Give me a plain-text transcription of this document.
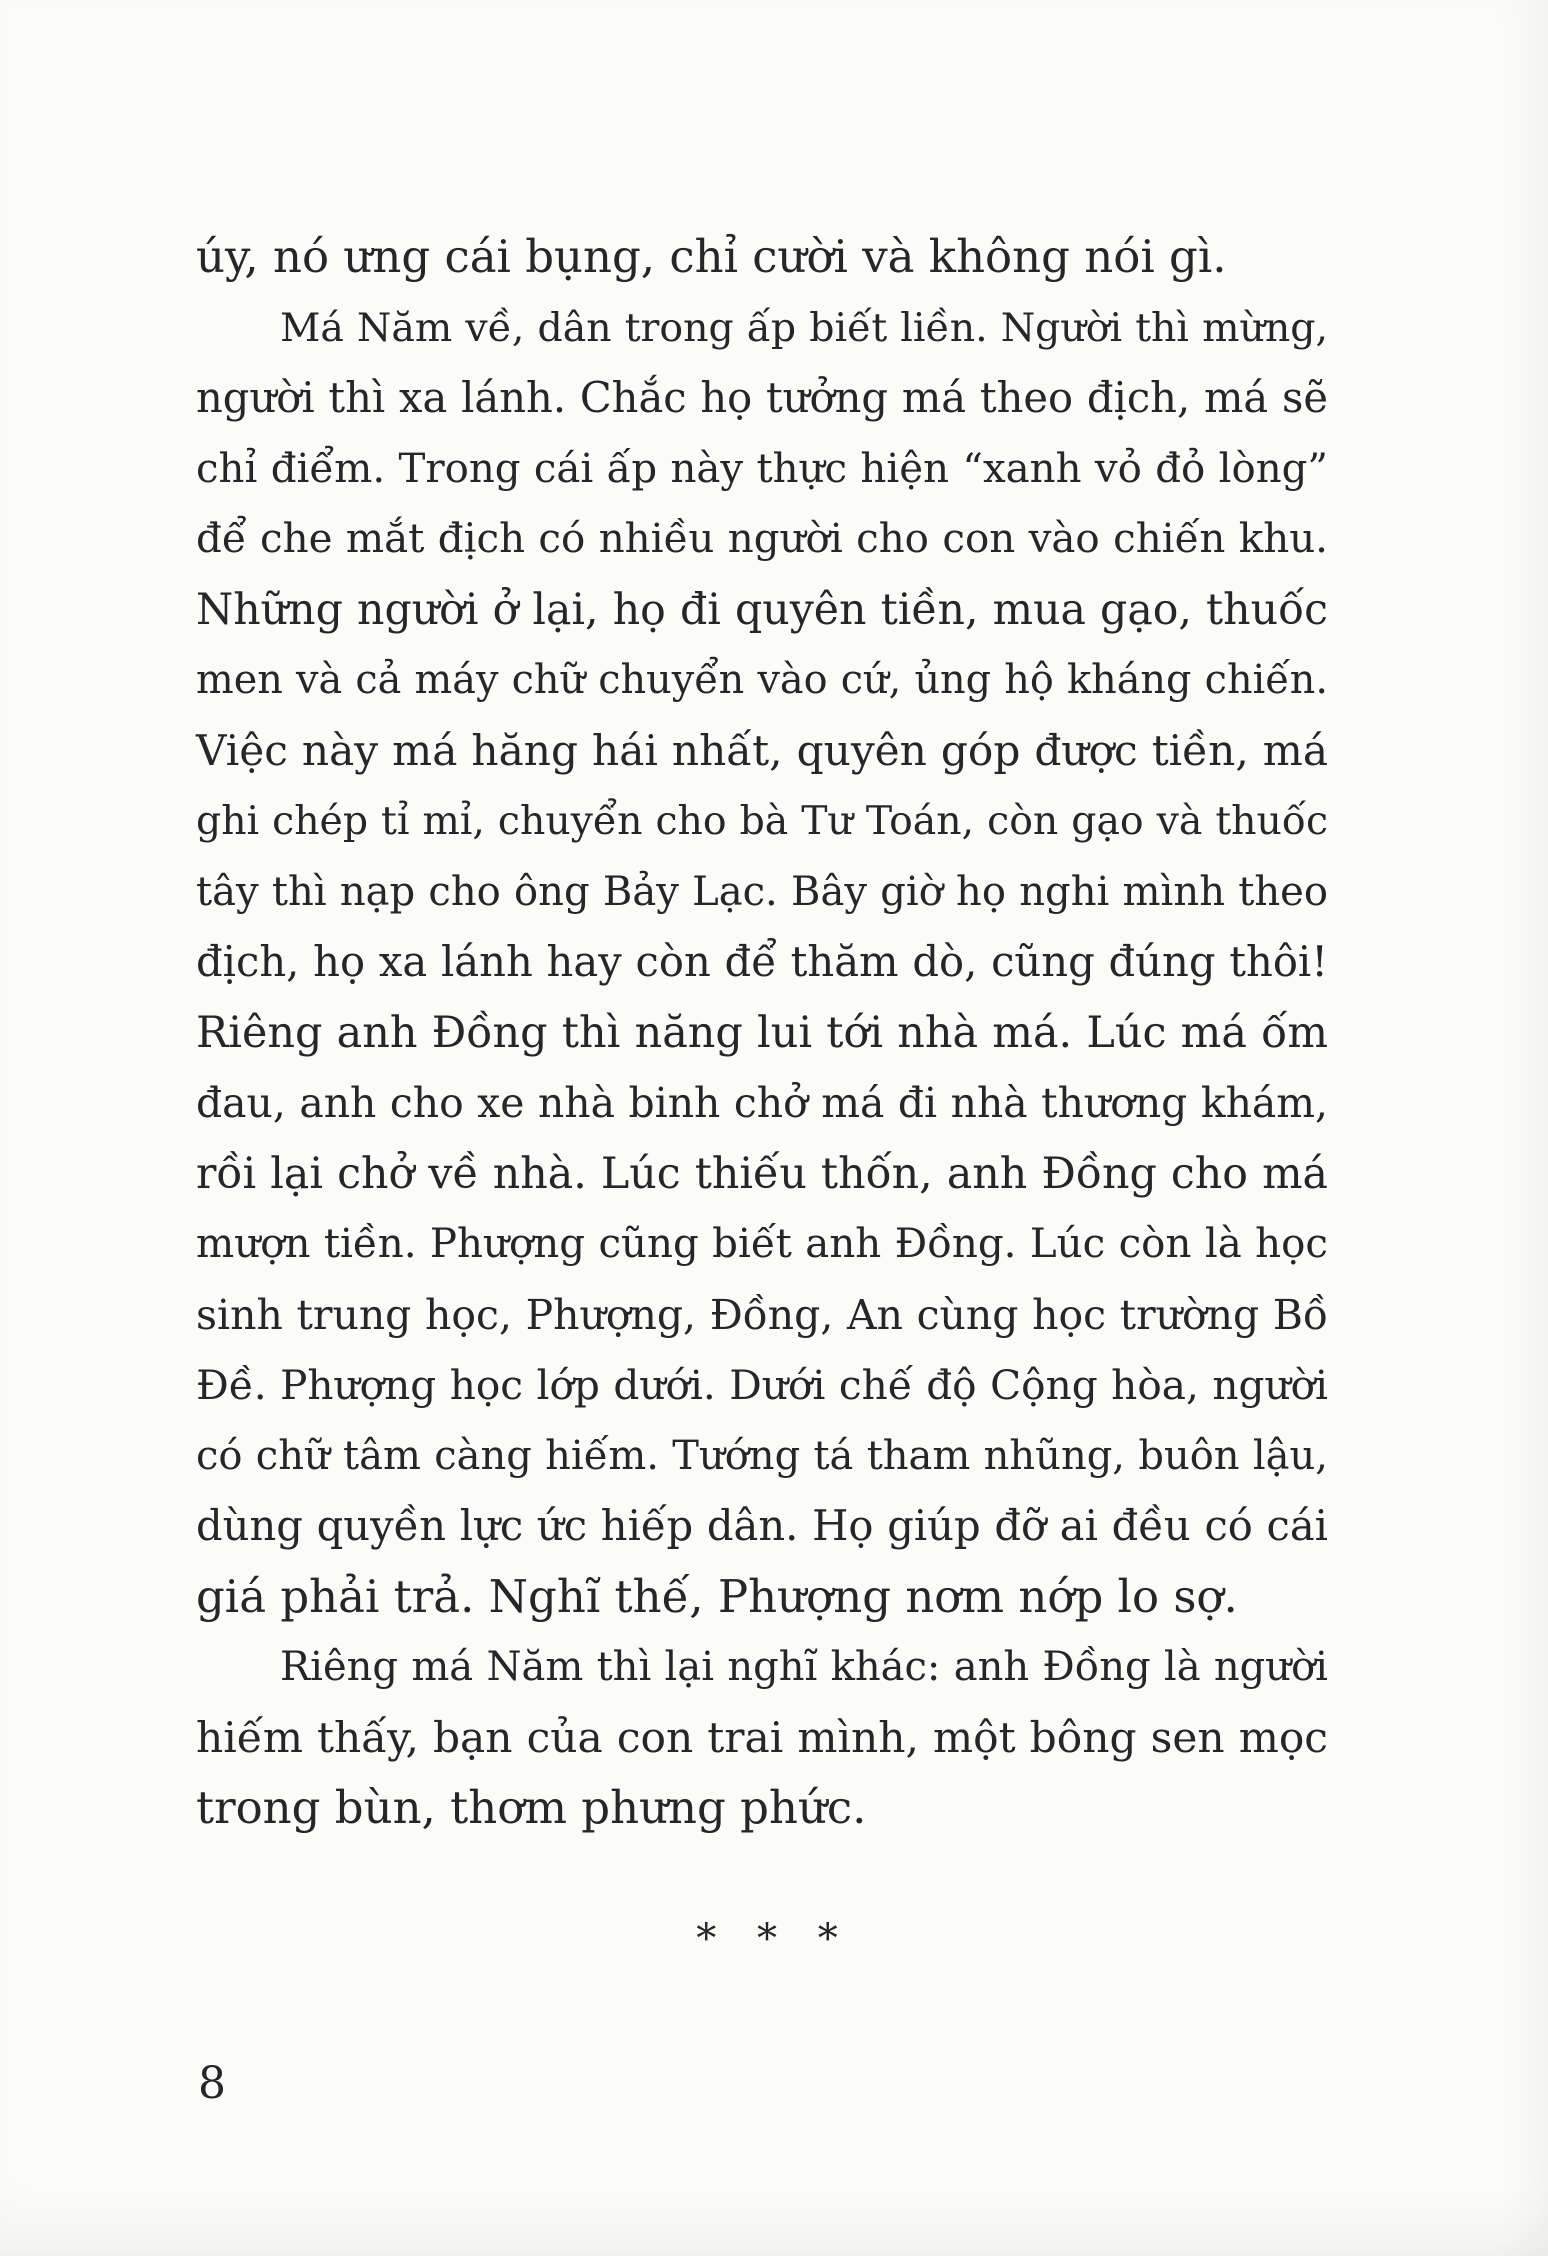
úy, nó ưng cái bụng, chỉ cười và không nói gì.
Má Năm về, dân trong ấp biết liền. Người thì mừng,
người thì xa lánh. Chắc họ tưởng má theo địch, má sẽ
chỉ điểm. Trong cái ấp này thực hiện “xanh vỏ đỏ lòng”
để che mắt địch có nhiều người cho con vào chiến khu.
Những người ở lại, họ đi quyên tiền, mua gạo, thuốc
men và cả máy chữ chuyển vào cứ, ủng hộ kháng chiến.
Việc này má hăng hái nhất, quyên góp được tiền, má
ghi chép tỉ mỉ, chuyển cho bà Tư Toán, còn gạo và thuốc
tây thì nạp cho ông Bảy Lạc. Bây giờ họ nghi mình theo
địch, họ xa lánh hay còn để thăm dò, cũng đúng thôi!
Riêng anh Đồng thì năng lui tới nhà má. Lúc má ốm
đau, anh cho xe nhà binh chở má đi nhà thương khám,
rồi lại chở về nhà. Lúc thiếu thốn, anh Đồng cho má
mượn tiền. Phượng cũng biết anh Đồng. Lúc còn là học
sinh trung học, Phượng, Đồng, An cùng học trường Bồ
Đề. Phượng học lớp dưới. Dưới chế độ Cộng hòa, người
có chữ tâm càng hiếm. Tướng tá tham nhũng, buôn lậu,
dùng quyền lực ức hiếp dân. Họ giúp đỡ ai đều có cái
giá phải trả. Nghĩ thế, Phượng nơm nớp lo sợ.
Riêng má Năm thì lại nghĩ khác: anh Đồng là người
hiếm thấy, bạn của con trai mình, một bông sen mọc
trong bùn, thơm phưng phức.
* * *
8
